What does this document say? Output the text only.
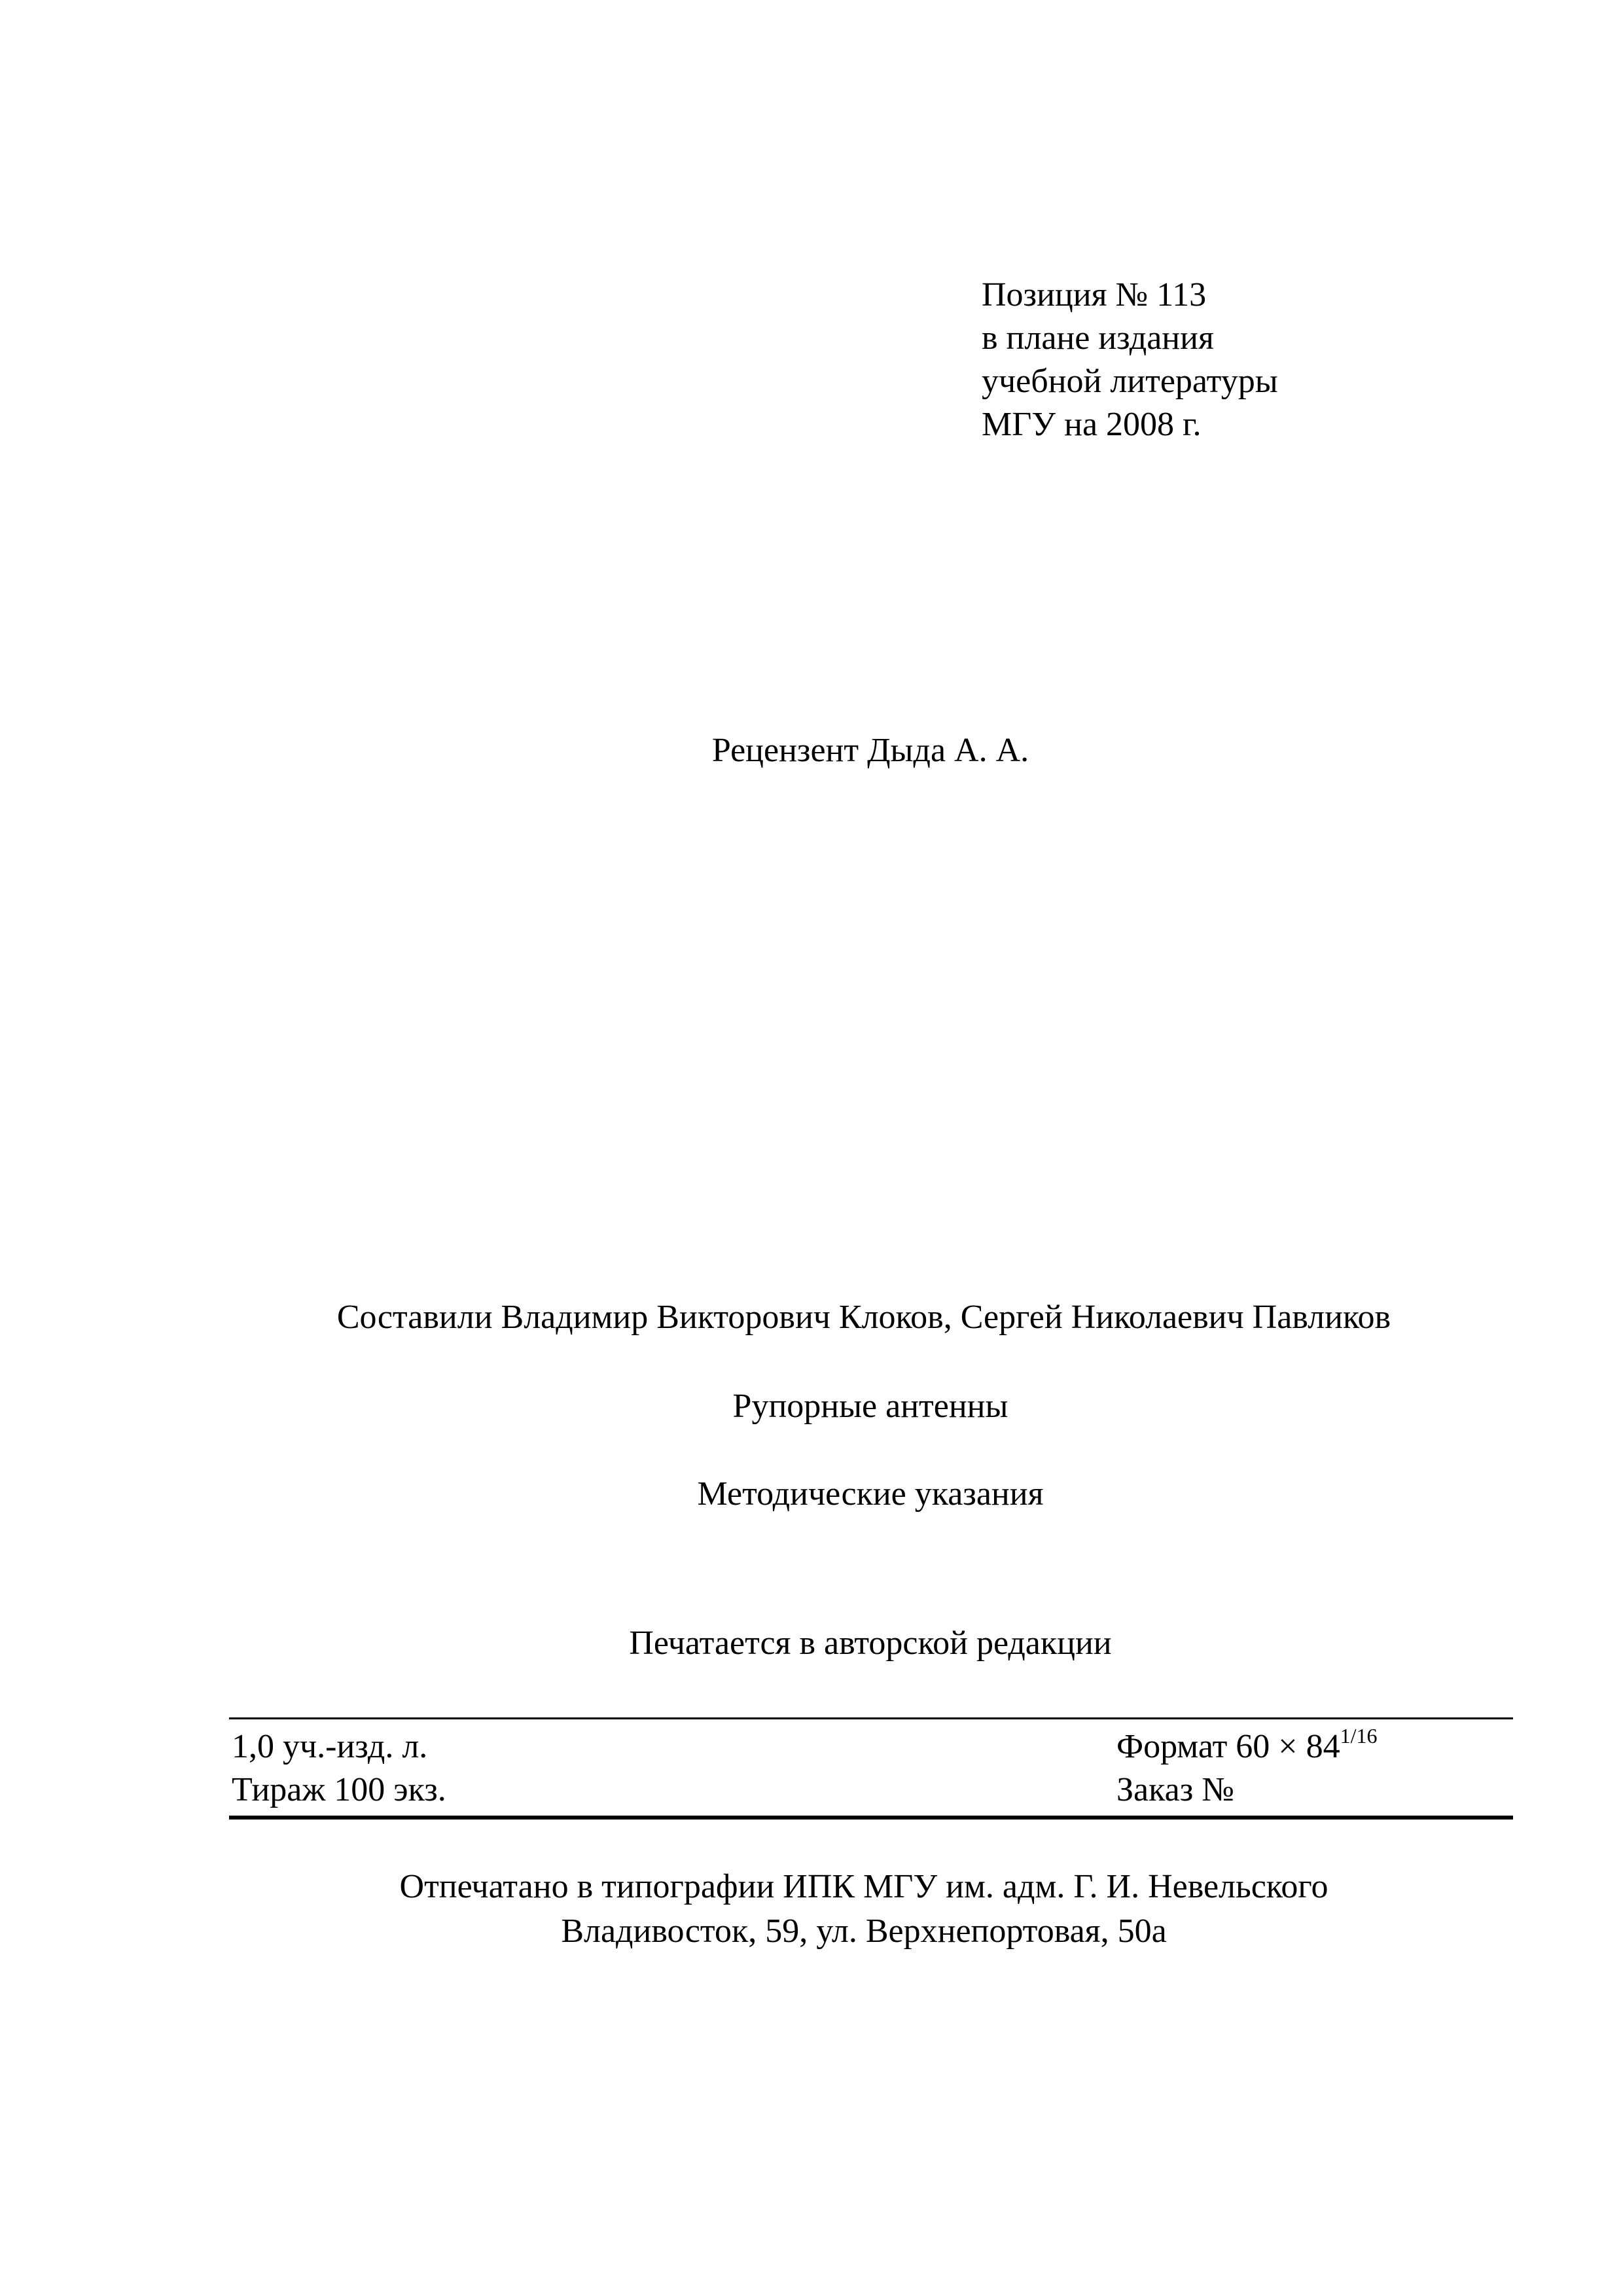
Позиция № 113
в плане издания
учебной литературы
МГУ на 2008 г.
Рецензент Дыда А. А.
Составили Владимир Викторович Клоков, Сергей Николаевич Павликов
Рупорные антенны
Методические указания
Печатается в авторской редакции
1,0 уч.-изд. л.
Тираж 100 экз.
Формат $60 \times 84^{1/16}$
Заказ №
Отпечатано в типографии ИПК МГУ им. адм. Г. И. Невельского
Владивосток, 59, ул. Верхнепортовая, 50а
